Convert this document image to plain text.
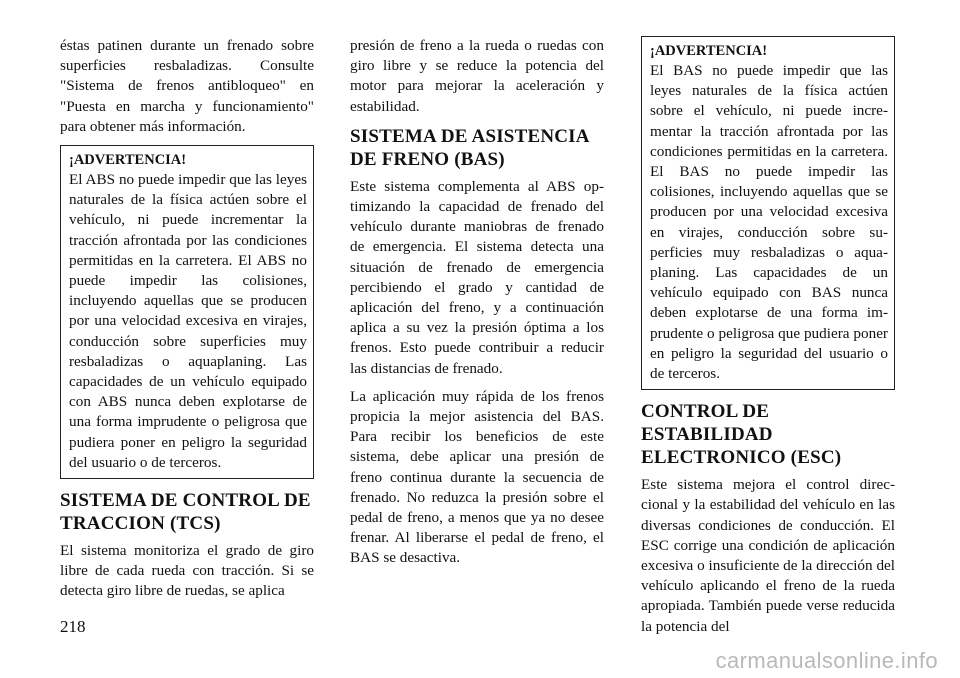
éstas patinen durante un frenado sobre superficies resbaladizas. Consulte "Sistema de frenos antibloqueo" en "Puesta en marcha y funcionamiento" para obtener más información.

¡ADVERTENCIA!
El ABS no puede impedir que las leyes naturales de la física actúen sobre el vehículo, ni puede incrementar la tracción afrontada por las condiciones permitidas en la carretera. El ABS no puede impedir las colisiones, incluyendo aquellas que se producen por una velocidad excesiva en virajes, conducción sobre superficies muy resbaladizas o aquaplaning. Las capacidades de un vehículo equipado con ABS nunca deben explotarse de una forma imprudente o peligrosa que pudiera poner en peligro la seguridad del usuario o de terceros.
SISTEMA DE CONTROL DE TRACCION (TCS)

El sistema monitoriza el grado de giro libre de cada rueda con tracción. Si se detecta giro libre de ruedas, se aplica

presión de freno a la rueda o ruedas con giro libre y se reduce la potencia del motor para mejorar la aceleración y estabilidad.

SISTEMA DE ASISTENCIA DE FRENO (BAS)

Este sistema complementa al ABS optimizando la capacidad de frenado del vehículo durante maniobras de frenado de emergencia. El sistema detecta una situación de frenado de emergencia percibiendo el grado y cantidad de aplicación del freno, y a continuación aplica a su vez la presión óptima a los frenos. Esto puede contribuir a reducir las distancias de frenado.

La aplicación muy rápida de los frenos propicia la mejor asistencia del BAS. Para recibir los beneficios de este sistema, debe aplicar una presión de freno continua durante la secuencia de frenado. No reduzca la presión sobre el pedal de freno, a menos que ya no desee frenar. Al liberarse el pedal de freno, el BAS se desactiva.

¡ADVERTENCIA!
El BAS no puede impedir que las leyes naturales de la física actúen sobre el vehículo, ni puede incrementar la tracción afrontada por las condiciones permitidas en la carretera. El BAS no puede impedir las colisiones, incluyendo aquellas que se producen por una velocidad excesiva en virajes, conducción sobre superficies muy resbaladizas o aquaplaning. Las capacidades de un vehículo equipado con BAS nunca deben explotarse de una forma imprudente o peligrosa que pudiera poner en peligro la seguridad del usuario o de terceros.
CONTROL DE ESTABILIDAD ELECTRONICO (ESC)

Este sistema mejora el control direccional y la estabilidad del vehículo en las diversas condiciones de conducción. El ESC corrige una condición de aplicación excesiva o insuficiente de la dirección del vehículo aplicando el freno de la rueda apropiada. También puede verse reducida la potencia del

218
carmanualsonline.info
